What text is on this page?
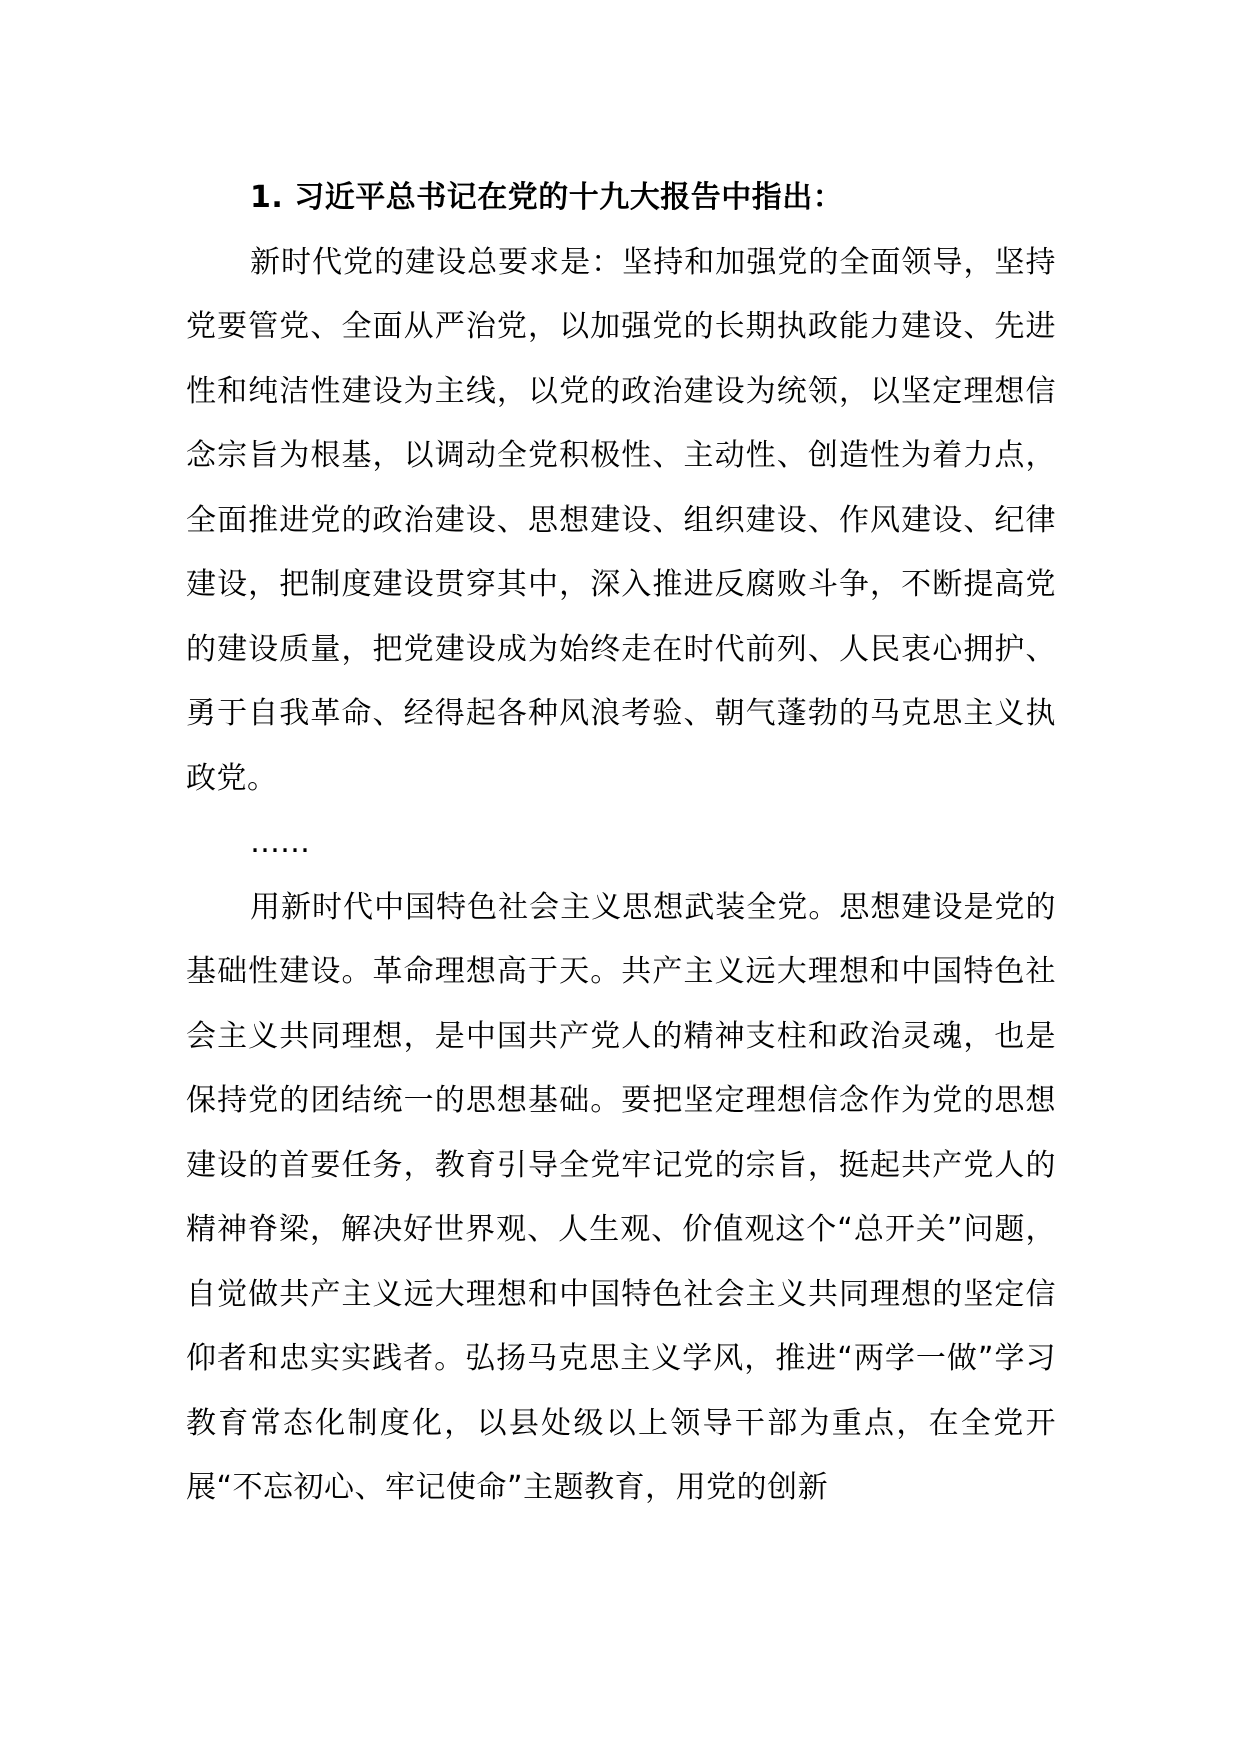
1. 习近平总书记在党的十九大报告中指出：

新时代党的建设总要求是：坚持和加强党的全面领导，坚持党要管党、全面从严治党，以加强党的长期执政能力建设、先进性和纯洁性建设为主线，以党的政治建设为统领，以坚定理想信念宗旨为根基，以调动全党积极性、主动性、创造性为着力点，全面推进党的政治建设、思想建设、组织建设、作风建设、纪律建设，把制度建设贯穿其中，深入推进反腐败斗争，不断提高党的建设质量，把党建设成为始终走在时代前列、人民衷心拥护、勇于自我革命、经得起各种风浪考验、朝气蓬勃的马克思主义执政党。

……

用新时代中国特色社会主义思想武装全党。思想建设是党的基础性建设。革命理想高于天。共产主义远大理想和中国特色社会主义共同理想，是中国共产党人的精神支柱和政治灵魂，也是保持党的团结统一的思想基础。要把坚定理想信念作为党的思想建设的首要任务，教育引导全党牢记党的宗旨，挺起共产党人的精神脊梁，解决好世界观、人生观、价值观这个“总开关”问题，自觉做共产主义远大理想和中国特色社会主义共同理想的坚定信仰者和忠实实践者。弘扬马克思主义学风，推进“两学一做”学习教育常态化制度化，以县处级以上领导干部为重点，在全党开展“不忘初心、牢记使命”主题教育，用党的创新
